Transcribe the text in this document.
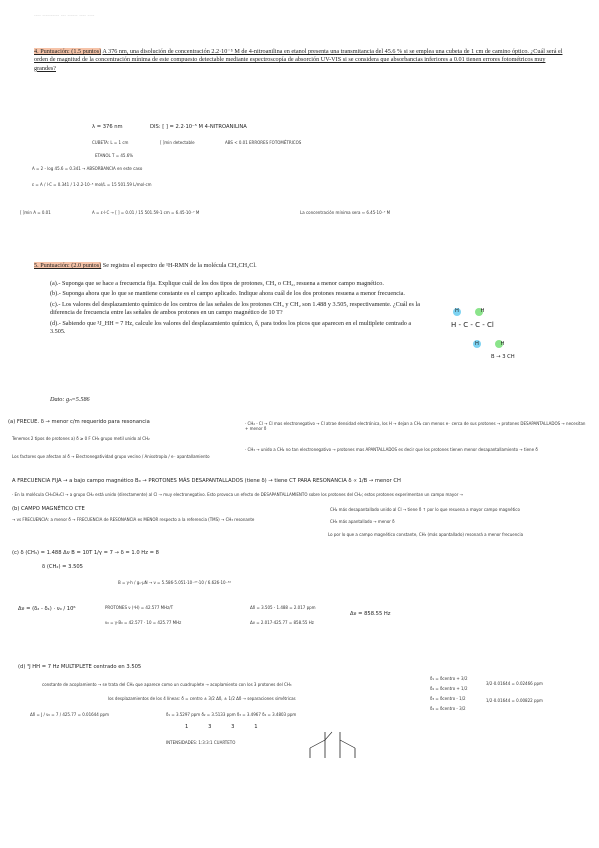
---- ---------- --- ------ ---- ----
4. Puntuación: (1.5 puntos) A 376 nm, una disolución de concentración 2.2·10⁻⁵ M de 4-nitroanilina en etanol presenta una transmitancia del 45.6 % si se emplea una cubeta de 1 cm de camino óptico. ¿Cuál será el orden de magnitud de la concentración mínima de este compuesto detectable mediante espectroscopía de absorción UV-VIS si se considera que absorbancias inferiores a 0.01 tienen errores fotométricos muy grandes?
λ = 376 nm	DIS: [ ] = 2.2·10⁻⁵ M 4-NITROANILINA
CUBETA: L = 1 cm	[ ]min detectable	ABS < 0.01 ERRORES FOTOMÉTRICOS
ETANOL T = 45.6%
A = 2 - log 45.6 = 0.341 → ABSORBANCIA en este caso
ε = A / l·C = 0.341 / 1·2.2·10⁻⁵ mol/L = 15 501.59 L/mol·cm
[ ]min A = 0.01	A = ε·l·C → [ ] = 0.01 / 15 501.59·1 cm = 6.45·10⁻⁷ M	La concentración mínima sera ≈ 6.45·10⁻⁷ M
5. Puntuación: (2.0 puntos) Se registra el espectro de ¹H-RMN de la molécula CH₃CH₂Cl.
(a).- Suponga que se hace a frecuencia fija. Explique cuál de los dos tipos de protones, CH₃ o CH₂, resuena a menor campo magnético.
(b).- Suponga ahora que lo que se mantiene constante es el campo aplicado. Indique ahora cuál de los dos protones resuena a menor frecuencia.
(c).- Los valores del desplazamiento químico de los centros de las señales de los protones CH₃ y CH₂ son 1.488 y 3.505, respectivamente. ¿Cuál es la diferencia de frecuencia entre las señales de ambos protones en un campo magnético de 10 T?
(d).- Sabiendo que ³J_HH = 7 Hz, calcule los valores del desplazamiento químico, δ, para todos los picos que aparecen en el multiplete centrado a 3.505.
Dato: gₙ=5.586
H H
H - C - C - Cl
H H
B → 3 CH
(a) FRECUE. δ → menor c/m requerido para resonancia	· CH₂ - Cl → Cl mas electronegativo → Cl atrae densidad electrónica, los H → dejan a CH₂ con menos e⁻ cerca de sus protones → protones DESAPANTALLADOS → necesitan + menor δ
Tenemos 2 tipos de protones a) δ ≥ 0 F CH₃ grupo metil unido al CH₂
· CH₃ → unido a CH₂ no tan electronegativo → protones mas APANTALLADOS es decir que los protones tienen menor desapantallamiento → tiene δ
Los factores que afectan al δ → Electronegatividad grupo vecino / Anisotropía / e⁻ apantallamiento
A FRECUENCIA FIJA → a bajo campo magnético B₀ → PROTONES MÁS DESAPANTALLADOS (tiene δ) → tiene CT PARA RESONANCIA δ ∝ 1/B → menor CH
· En la molécula CH₃CH₂Cl → a grupo CH₂ está unido (directamente) al Cl → muy electronegativo. Esto provoca un efecto de DESAPANTALLAMIENTO sobre los protones del CH₂; estos protones experimentan un campo mayor →
(b) CAMPO MAGNÉTICO CTE
→ vs FRECUENCIA: a menor δ → FRECUENCIA de RESONANCIA es MENOR respecto a la referencia (TMS) → CH₃ resonante
CH₂ más desapantallado unido al Cl → tiene δ ↑ por lo que resuena a mayor campo magnético
CH₃ más apantallado → menor δ
Lo por lo que a campo magnético constante, CH₃ (más apantallado) resonará a menor frecuencia
(c) δ (CH₃) = 1.488 Δν B = 10T 1/γ = 7 → δ = 1.0 Hz = 8
δ (CH₂) = 3.505
B = γ·h / gₙ·μN → ν = 5.586·5.051·10⁻²⁷·10 / 6.626·10⁻³⁴
Δν = (δ₂ - δ₁) · ν₀ / 10⁶	PROTONES ν (¹H) = 42.577 MHz/T
ν₀ = γ·B₀ = 42.577 · 10 = 425.77 MHz
Δδ = 3.505 - 1.488 = 2.017 ppm
Δν = 2.017·425.77 = 858.55 Hz
Δν = 858.55 Hz
(d) ³J HH = 7 Hz MULTIPLETE centrado en 3.505
constante de acoplamiento → se trata del CH₂ que aparece como un cuadruplete → acoplamiento con los 3 protones del CH₃
Δδ = J / ν₀ = 7 / 425.77 = 0.01644 ppm
los desplazamientos de los 4 líneas: δ = centro ± 3/2 Δδ, ± 1/2 Δδ → separaciones simétricas
δ₁ = 3.5297 ppm δ₂ = 3.5133 ppm δ₃ = 3.4967 δ₄ = 3.4803 ppm
1            3            3            1
INTENSIDADES: 1:3:3:1 CUARTETO
δ₁ = δcentro + 3/2
δ₂ = δcentro + 1/2
δ₃ = δcentro - 1/2
δ₄ = δcentro - 3/2
3/2·0.01644 = 0.02466 ppm
1/2·0.01644 = 0.00822 ppm
